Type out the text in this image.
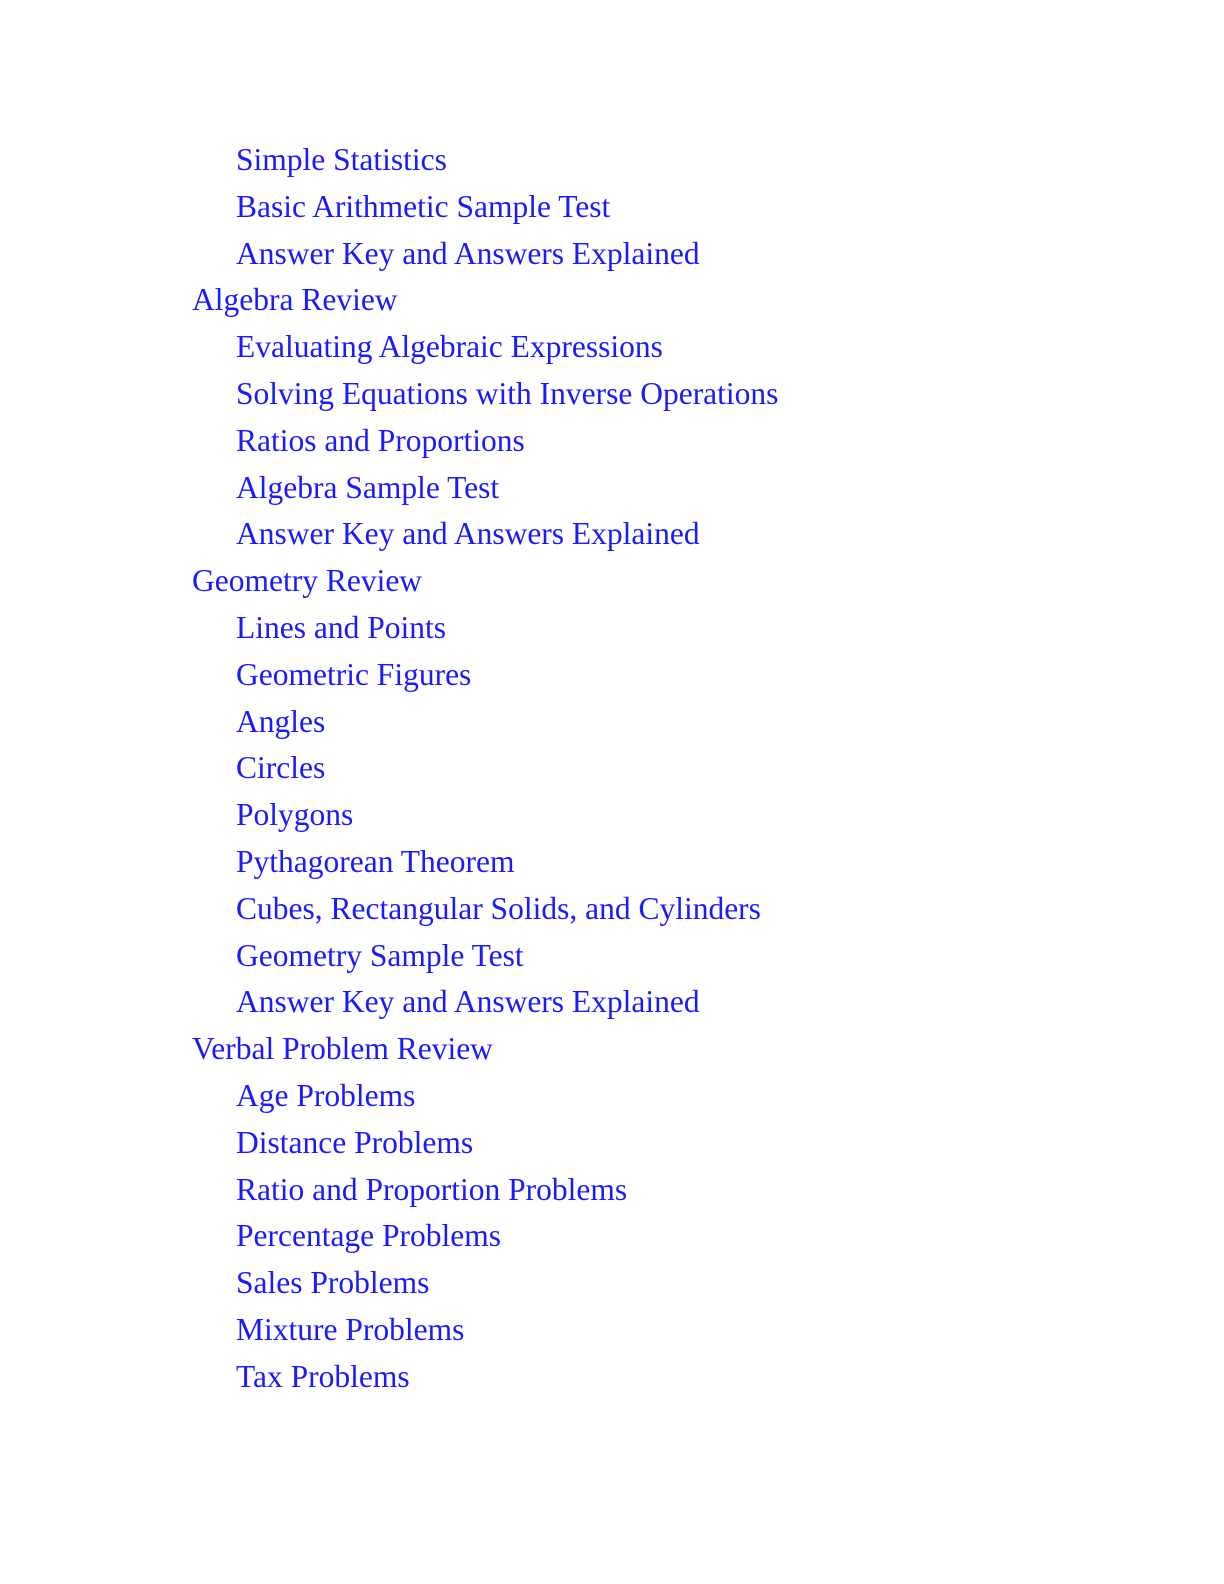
Simple Statistics
Basic Arithmetic Sample Test
Answer Key and Answers Explained
Algebra Review
Evaluating Algebraic Expressions
Solving Equations with Inverse Operations
Ratios and Proportions
Algebra Sample Test
Answer Key and Answers Explained
Geometry Review
Lines and Points
Geometric Figures
Angles
Circles
Polygons
Pythagorean Theorem
Cubes, Rectangular Solids, and Cylinders
Geometry Sample Test
Answer Key and Answers Explained
Verbal Problem Review
Age Problems
Distance Problems
Ratio and Proportion Problems
Percentage Problems
Sales Problems
Mixture Problems
Tax Problems
